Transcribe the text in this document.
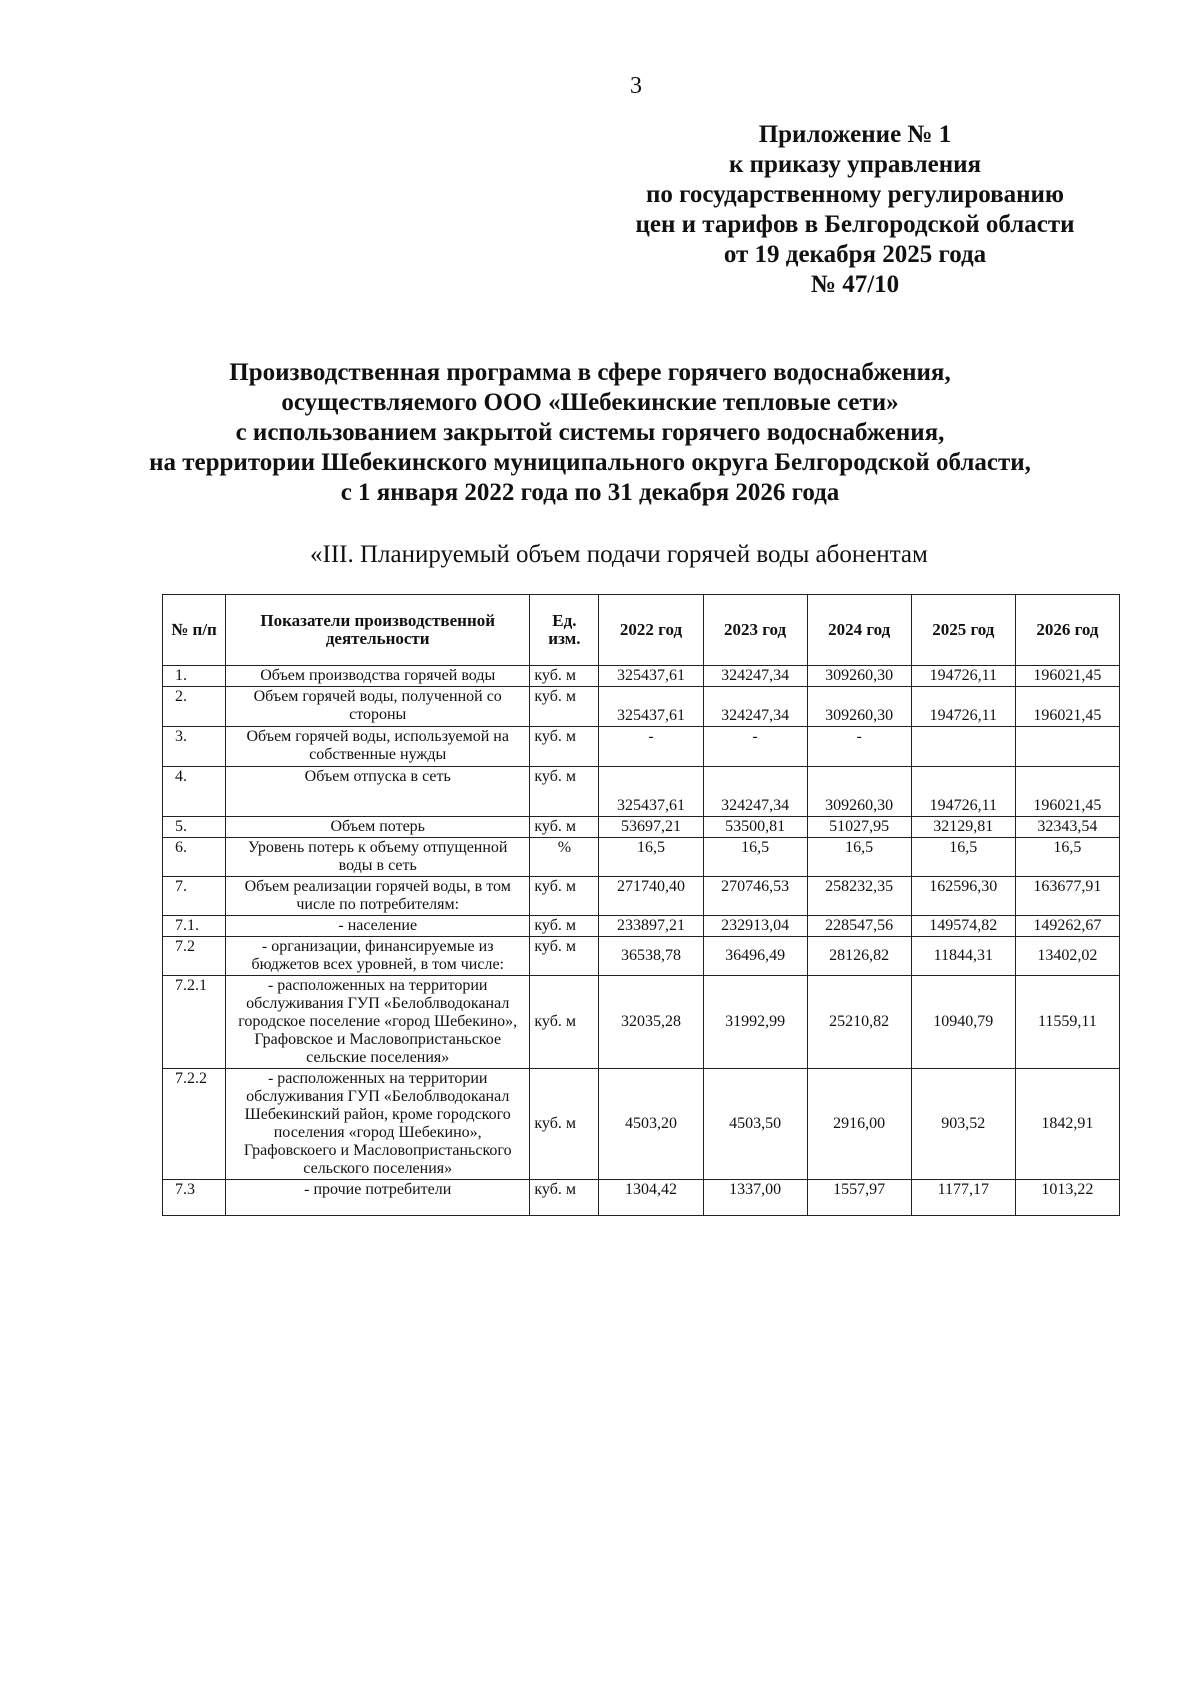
3
Приложение № 1
к приказу управления
по государственному регулированию
цен и тарифов в Белгородской области
от 19 декабря 2025 года
№ 47/10
Производственная программа в сфере горячего водоснабжения,
осуществляемого ООО «Шебекинские тепловые сети»
с использованием закрытой системы горячего водоснабжения,
на территории Шебекинского муниципального округа Белгородской области,
с 1 января 2022 года по 31 декабря 2026 года
«III. Планируемый объем подачи горячей воды абонентам
№ п/п	Показатели производственной деятельности	Ед. изм.	2022 год	2023 год	2024 год	2025 год	2026 год
1.	Объем производства горячей воды	куб. м	325437,61	324247,34	309260,30	194726,11	196021,45
2.	Объем горячей воды, полученной со стороны	куб. м	325437,61	324247,34	309260,30	194726,11	196021,45
3.	Объем горячей воды, используемой на собственные нужды	куб. м	-	-	-		
4.	Объем отпуска в сеть	куб. м	325437,61	324247,34	309260,30	194726,11	196021,45
5.	Объем потерь	куб. м	53697,21	53500,81	51027,95	32129,81	32343,54
6.	Уровень потерь к объему отпущенной воды в сеть	%	16,5	16,5	16,5	16,5	16,5
7.	Объем реализации горячей воды, в том числе по потребителям:	куб. м	271740,40	270746,53	258232,35	162596,30	163677,91
7.1.	- население	куб. м	233897,21	232913,04	228547,56	149574,82	149262,67
7.2	- организации, финансируемые из бюджетов всех уровней, в том числе:	куб. м	36538,78	36496,49	28126,82	11844,31	13402,02
7.2.1	- расположенных на территории обслуживания ГУП «Белоблводоканал городское поселение «город Шебекино», Графовское и Масловопристаньское сельские поселения»	куб. м	32035,28	31992,99	25210,82	10940,79	11559,11
7.2.2	- расположенных на территории обслуживания ГУП «Белоблводоканал Шебекинский район, кроме городского поселения «город Шебекино», Графовскоего и Масловопристаньского сельского поселения»	куб. м	4503,20	4503,50	2916,00	903,52	1842,91
7.3	- прочие потребители	куб. м	1304,42	1337,00	1557,97	1177,17	1013,22
